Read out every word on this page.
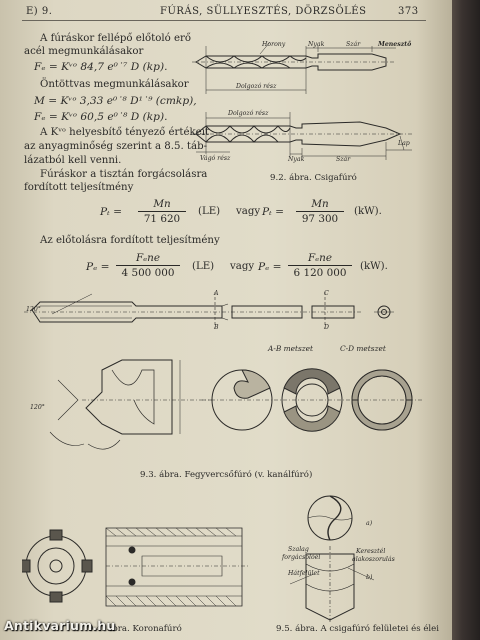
E) 9.	FÚRÁS, SÜLLYESZTÉS, DÖRZSÖLÉS	373
A fúráskor fellépő előtoló erő
acél megmunkálásakor
Fₑ = Kᵛᵒ 84,7 e⁰˙⁷ D (kp).
Öntöttvas megmunkálásakor
M = Kᵛᵒ 3,33 e⁰˙⁸ D¹˙⁹ (cmkp),
Fₑ = Kᵛᵒ 60,5 e⁰˙⁸ D (kp).
A Kᵛᵒ helyesbítő tényező értékeit
az anyagminőség szerint a 8.5. táb-
lázatból kell venni.
Fúráskor a tisztán forgácsolásra
fordított teljesítmény
Pₜ =
Mn
71 620
(LE) vagy Pₜ =
Mn
97 300
(kW).
Az előtolásra fordított teljesítmény
Pₑ =
Fₑne
4 500 000
(LE) vagy Pₑ =
Fₑne
6 120 000
(kW).
Horony	Nyak	Szár	Menesztő
Dolgozó rész
Dolgozó rész
Vágó rész	Nyak	Szár
Lap
9.2. ábra. Csigafúró
A
B
C
D
120°
120°
A-B metszet	C-D metszet
9.3. ábra. Fegyvercsőfúró (v. kanálfúró)
9.4. ábra. Koronafúró
a)
b)
Szalag
forgácsolóél
Keresztél
alakoszorulás
Hátfelület
9.5. ábra. A csigafúró felületei és élei
Antikvarium.hu
